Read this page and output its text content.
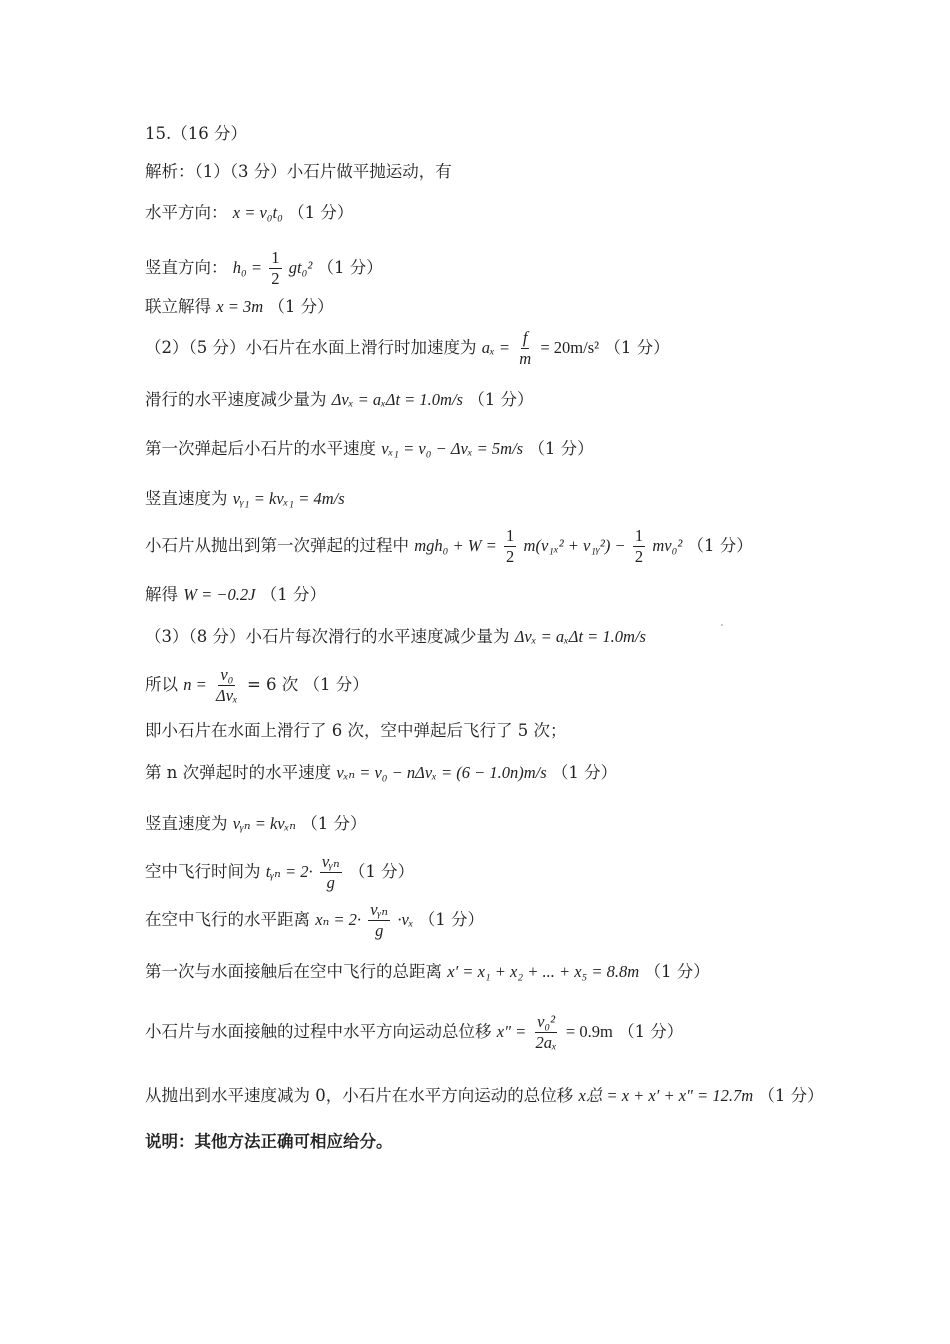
15.（16 分）
解析：（1）（3 分）小石片做平抛运动，有
水平方向： x = v₀t₀ （1 分）
竖直方向： $h_0 = \frac{1}{2} gt_0^2$ （1 分）
联立解得 x = 3m （1 分）
（2）（5 分）小石片在水面上滑行时加速度为 $a_x = \frac{f}{m} = 20m/s^2$ （1 分）
滑行的水平速度减少量为 Δvₓ = aₓΔt = 1.0m/s （1 分）
第一次弹起后小石片的水平速度 vₓ₁ = v₀ − Δvₓ = 5m/s （1 分）
竖直速度为 vᵧ₁ = kvₓ₁ = 4m/s
小石片从抛出到第一次弹起的过程中 $mgh_0 + W = \frac{1}{2} m(v_{1x}^2$ + v₁ᵧ²) − $\frac{1}{2} mv_0^2$ （1 分）
解得 W = −0.2J （1 分）
（3）（8 分）小石片每次滑行的水平速度减少量为 Δvₓ = aₓΔt = 1.0m/s
所以 $n = \frac{\text{v₀}}{\text{Δvₓ}} = 6$ 次 （1 分）
即小石片在水面上滑行了 6 次，空中弹起后飞行了 5 次；
第 n 次弹起时的水平速度 vₓₙ = v₀ − nΔvₓ = (6 − 1.0n)m/s （1 分）
竖直速度为 vᵧₙ = kvₓₙ （1 分）
空中飞行时间为 tᵧₙ = $2\cdot \frac{\text{vᵧₙ}}{g} (1$ 分）
在空中飞行的水平距离 $x_n = 2\cdot \frac{\text{vᵧₙ}}{g} \cdot v_x$ （1 分）
第一次与水面接触后在空中飞行的总距离 x′ = x₁ + x₂ + ... + x₅ = 8.8m （1 分）
小石片与水面接触的过程中水平方向运动总位移 $x'' = \frac{\text{v₀²}}{\text{2aₓ}} = 0.9m$ （1 分）
从抛出到水平速度减为 0，小石片在水平方向运动的总位移 x总 = x + x′ + x″ = 12.7m （1 分）
说明：其他方法正确可相应给分。
